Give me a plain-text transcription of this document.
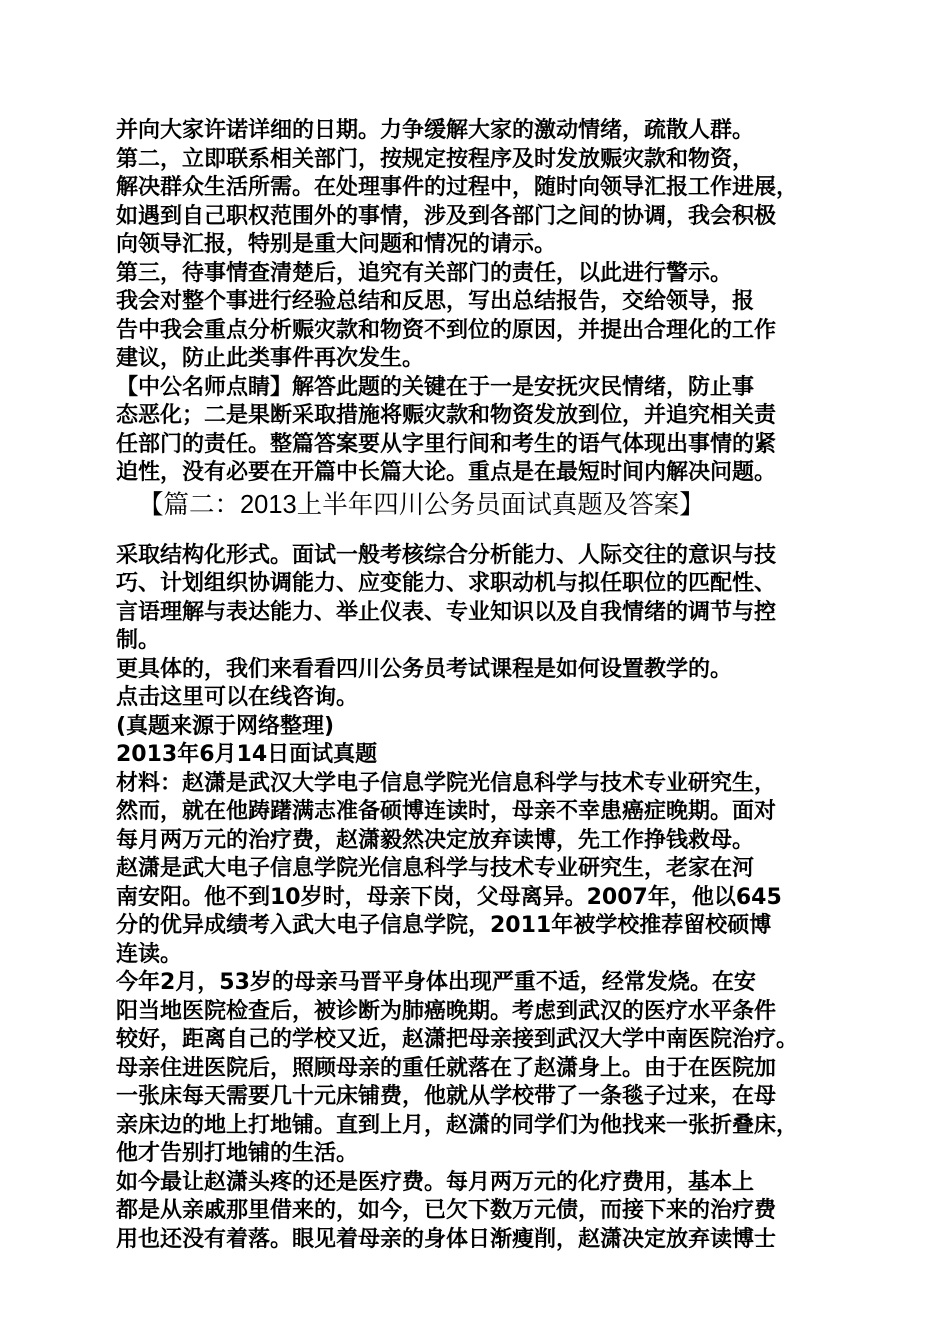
并向大家许诺详细的日期。力争缓解大家的激动情绪，疏散人群。

第二，立即联系相关部门，按规定按程序及时发放赈灾款和物资，

解决群众生活所需。在处理事件的过程中，随时向领导汇报工作进展，

如遇到自己职权范围外的事情，涉及到各部门之间的协调，我会积极

向领导汇报，特别是重大问题和情况的请示。

第三，待事情查清楚后，追究有关部门的责任，以此进行警示。

我会对整个事进行经验总结和反思，写出总结报告，交给领导，报

告中我会重点分析赈灾款和物资不到位的原因，并提出合理化的工作

建议，防止此类事件再次发生。

【中公名师点睛】解答此题的关键在于一是安抚灾民情绪，防止事

态恶化；二是果断采取措施将赈灾款和物资发放到位，并追究相关责

任部门的责任。整篇答案要从字里行间和考生的语气体现出事情的紧

迫性，没有必要在开篇中长篇大论。重点是在最短时间内解决问题。

【篇二：2013上半年四川公务员面试真题及答案】

采取结构化形式。面试一般考核综合分析能力、人际交往的意识与技

巧、计划组织协调能力、应变能力、求职动机与拟任职位的匹配性、

言语理解与表达能力、举止仪表、专业知识以及自我情绪的调节与控

制。

更具体的，我们来看看四川公务员考试课程是如何设置教学的。

点击这里可以在线咨询。

(真题来源于网络整理)

2013年6月14日面试真题

材料：赵潇是武汉大学电子信息学院光信息科学与技术专业研究生，

然而，就在他踌躇满志准备硕博连读时，母亲不幸患癌症晚期。面对

每月两万元的治疗费，赵潇毅然决定放弃读博，先工作挣钱救母。

赵潇是武大电子信息学院光信息科学与技术专业研究生，老家在河

南安阳。他不到10岁时，母亲下岗，父母离异。2007年，他以645

分的优异成绩考入武大电子信息学院，2011年被学校推荐留校硕博

连读。

今年2月，53岁的母亲马晋平身体出现严重不适，经常发烧。在安

阳当地医院检查后，被诊断为肺癌晚期。考虑到武汉的医疗水平条件

较好，距离自己的学校又近，赵潇把母亲接到武汉大学中南医院治疗。

母亲住进医院后，照顾母亲的重任就落在了赵潇身上。由于在医院加

一张床每天需要几十元床铺费，他就从学校带了一条毯子过来，在母

亲床边的地上打地铺。直到上月，赵潇的同学们为他找来一张折叠床，

他才告别打地铺的生活。

如今最让赵潇头疼的还是医疗费。每月两万元的化疗费用，基本上

都是从亲戚那里借来的，如今，已欠下数万元债，而接下来的治疗费

用也还没有着落。眼见着母亲的身体日渐瘦削，赵潇决定放弃读博士
